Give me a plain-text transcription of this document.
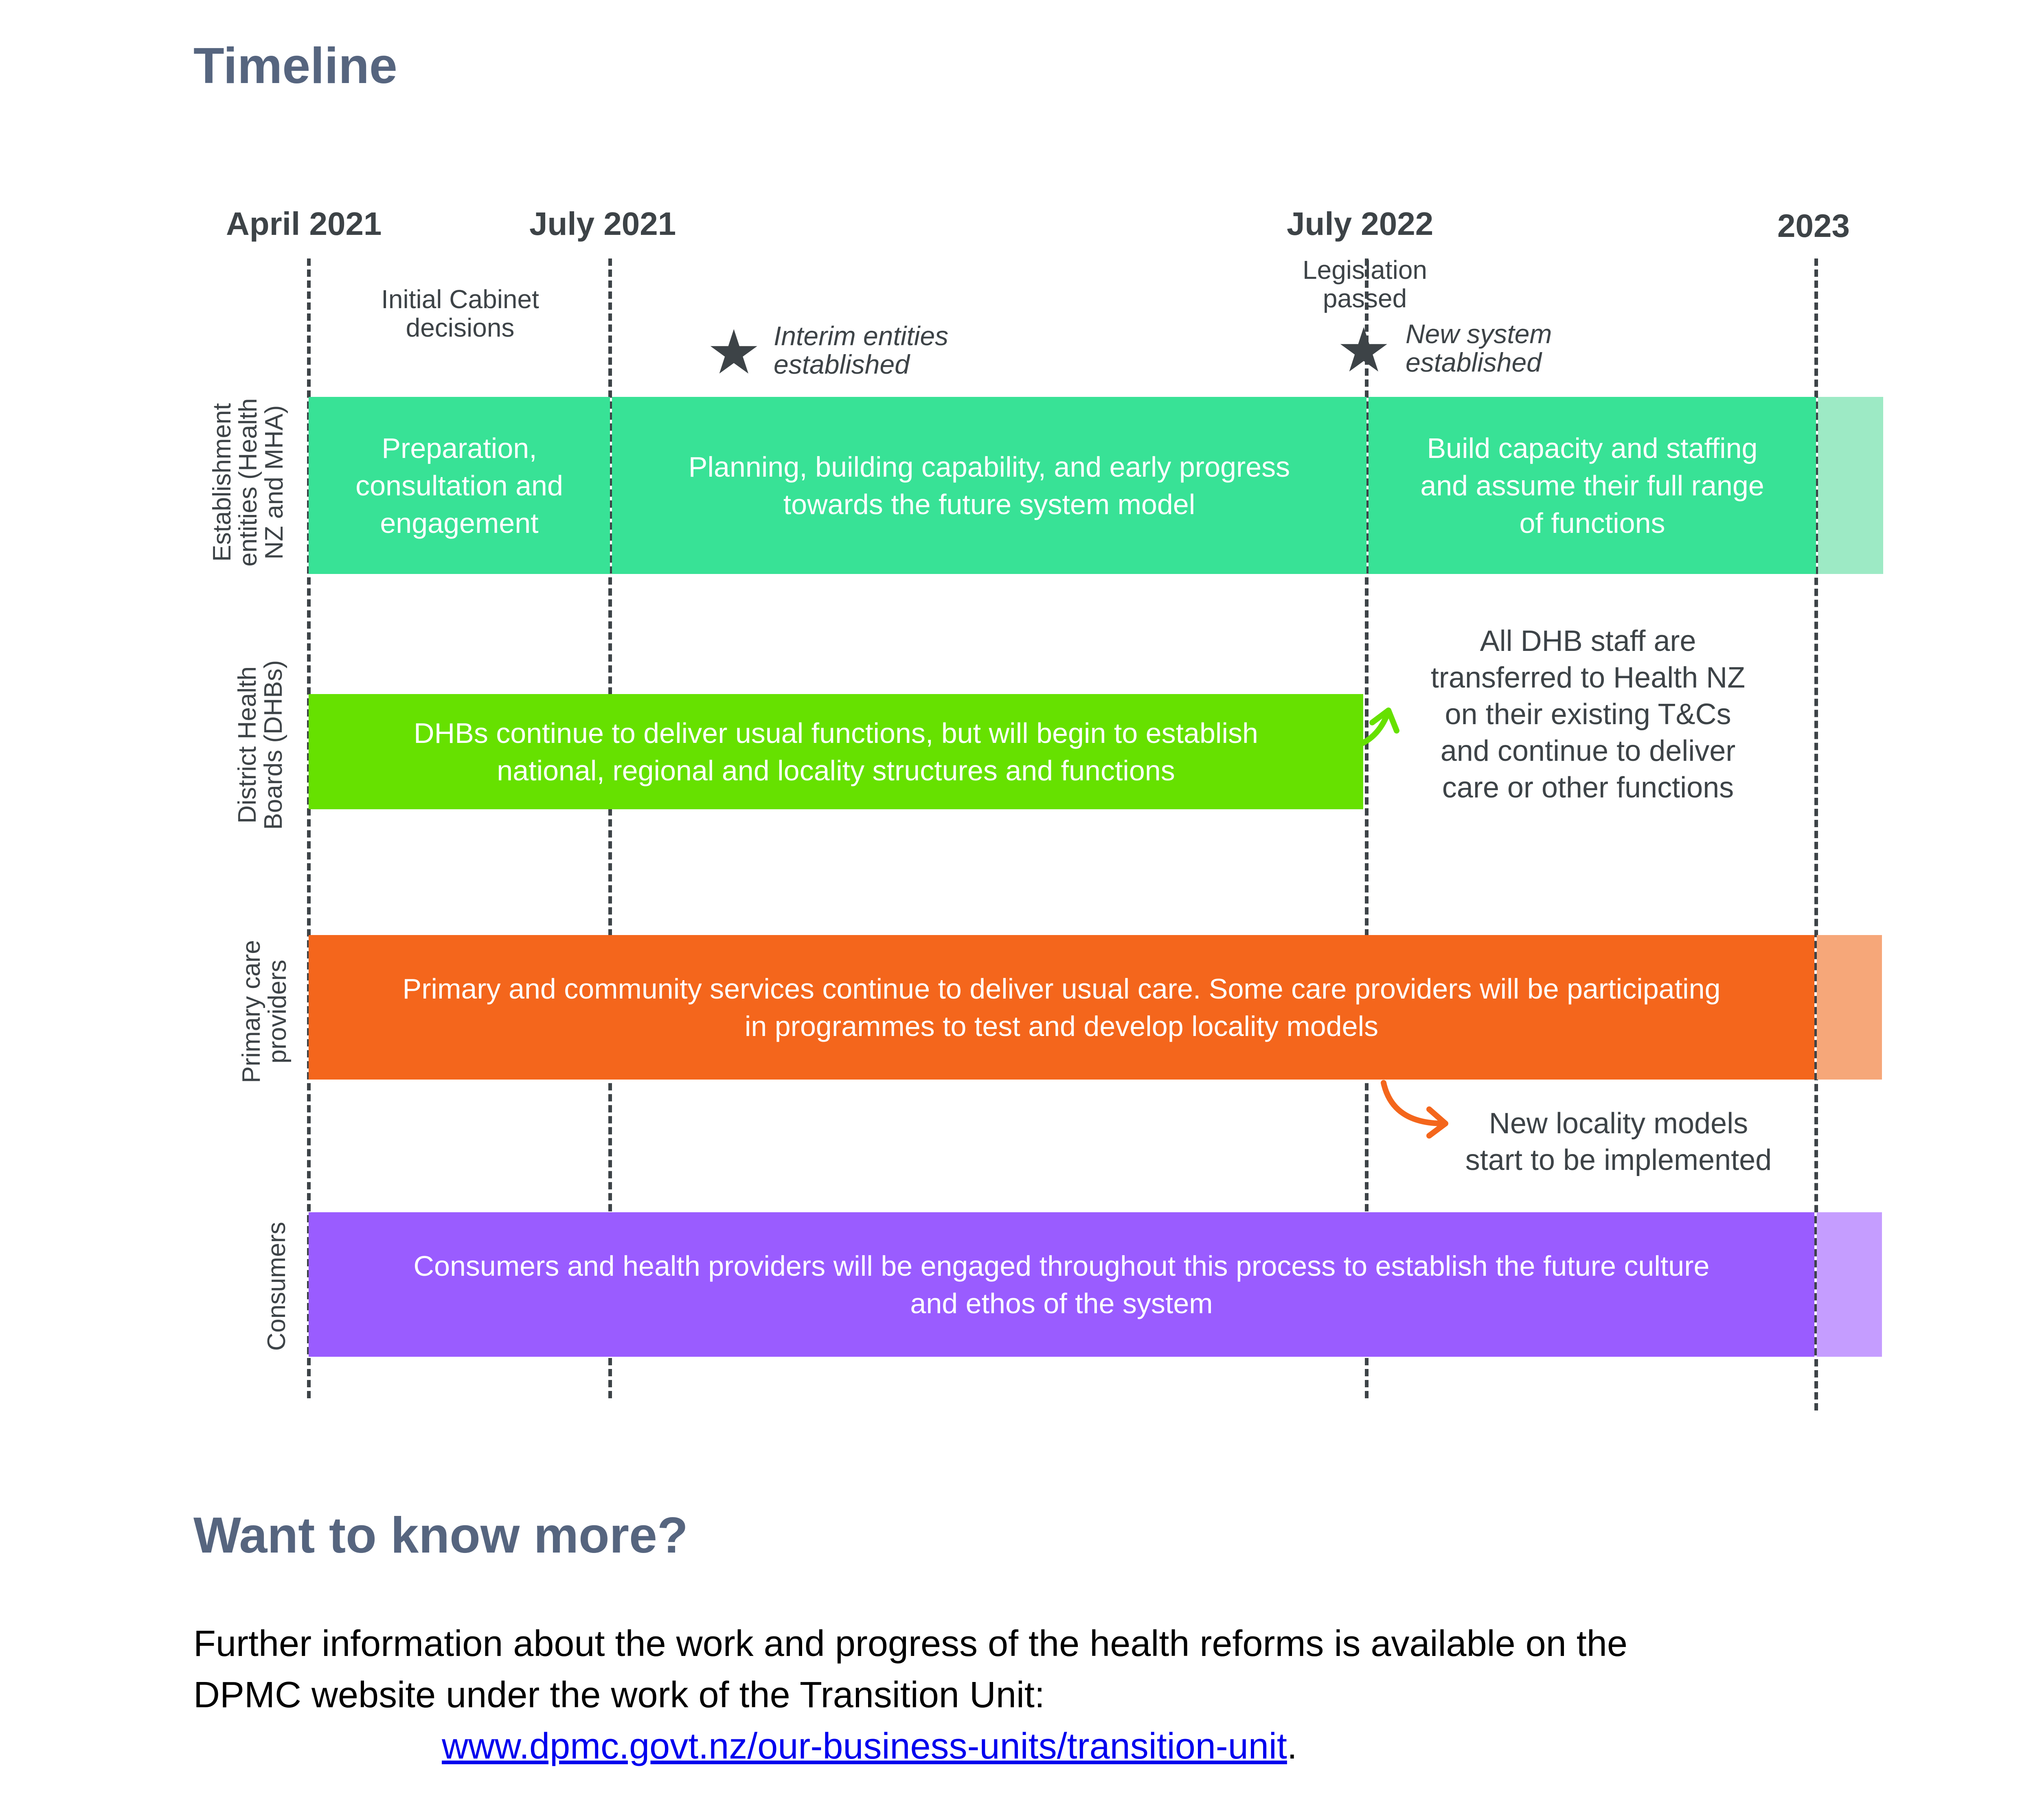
Timeline
April 2021	July 2021	July 2022	2023
Initial Cabinet
decisions
Legislation
passed
★ Interim entities
established	★ New system
established
Establishment
entities (Health
NZ and MHA)
District Health
Boards (DHBs)
Primary care
providers
Consumers
Preparation,
consultation and
engagement
Planning, building capability, and early progress
towards the future system model
Build capacity and staffing
and assume their full range
of functions
DHBs continue to deliver usual functions, but will begin to establish
national, regional and locality structures and functions
All DHB staff are
transferred to Health NZ
on their existing T&Cs
and continue to deliver
care or other functions
Primary and community services continue to deliver usual care. Some care providers will be participating
in programmes to test and develop locality models
New locality models
start to be implemented
Consumers and health providers will be engaged throughout this process to establish the future culture
and ethos of the system
Want to know more?
Further information about the work and progress of the health reforms is available on the
DPMC website under the work of the Transition Unit:
www.dpmc.govt.nz/our-business-units/transition-unit.
